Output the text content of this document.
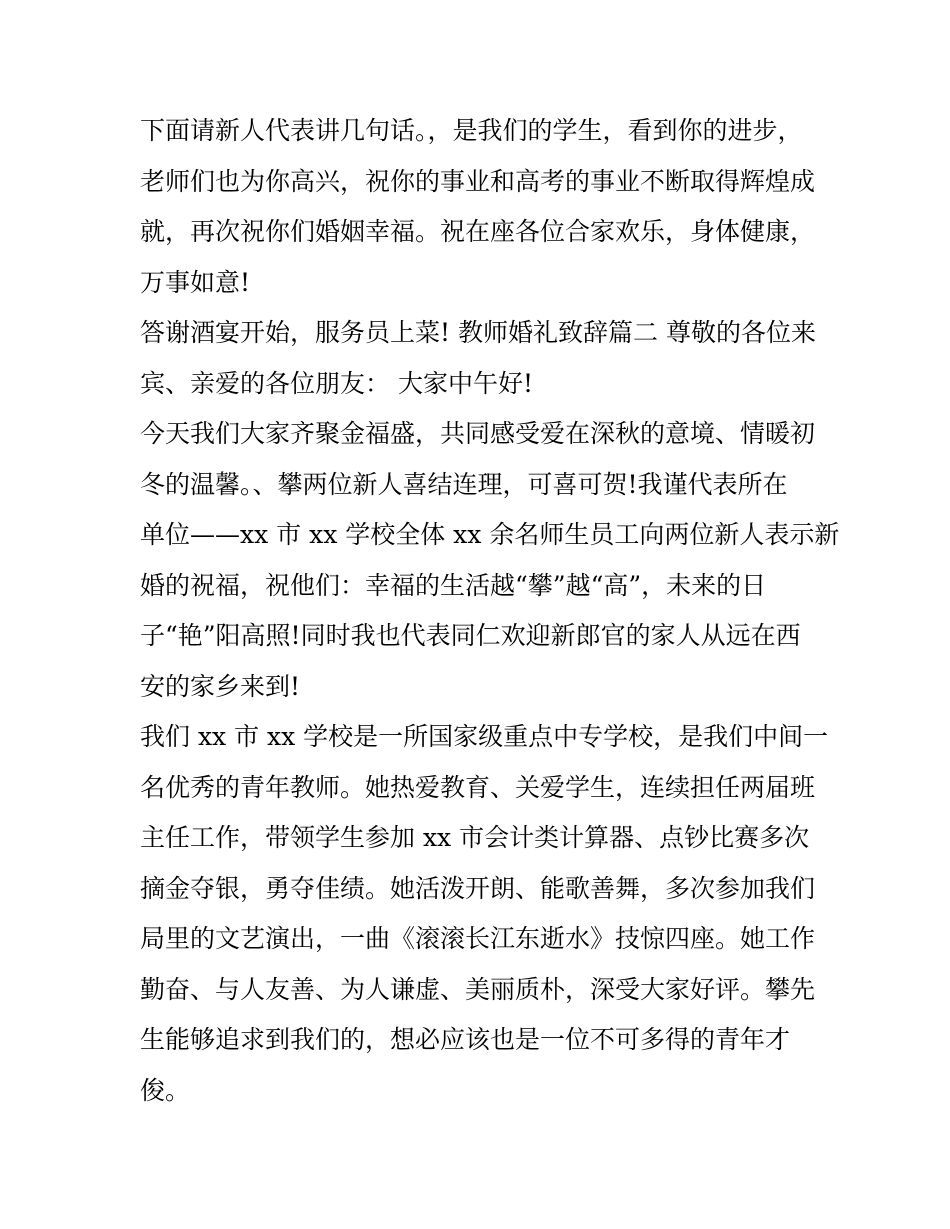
下面请新人代表讲几句话。，是我们的学生，看到你的进步，
老师们也为你高兴，祝你的事业和高考的事业不断取得辉煌成
就，再次祝你们婚姻幸福。祝在座各位合家欢乐，身体健康，
万事如意!
答谢酒宴开始，服务员上菜! 教师婚礼致辞篇二 尊敬的各位来
宾、亲爱的各位朋友： 大家中午好!
今天我们大家齐聚金福盛，共同感受爱在深秋的意境、情暖初
冬的温馨。、攀两位新人喜结连理，可喜可贺!我谨代表所在
单位——xx 市 xx 学校全体 xx 余名师生员工向两位新人表示新
婚的祝福，祝他们：幸福的生活越“攀”越“高”，未来的日
子“艳”阳高照!同时我也代表同仁欢迎新郎官的家人从远在西
安的家乡来到!
我们 xx 市 xx 学校是一所国家级重点中专学校，是我们中间一
名优秀的青年教师。她热爱教育、关爱学生，连续担任两届班
主任工作，带领学生参加 xx 市会计类计算器、点钞比赛多次
摘金夺银，勇夺佳绩。她活泼开朗、能歌善舞，多次参加我们
局里的文艺演出，一曲《滚滚长江东逝水》技惊四座。她工作
勤奋、与人友善、为人谦虚、美丽质朴，深受大家好评。攀先
生能够追求到我们的，想必应该也是一位不可多得的青年才
俊。
